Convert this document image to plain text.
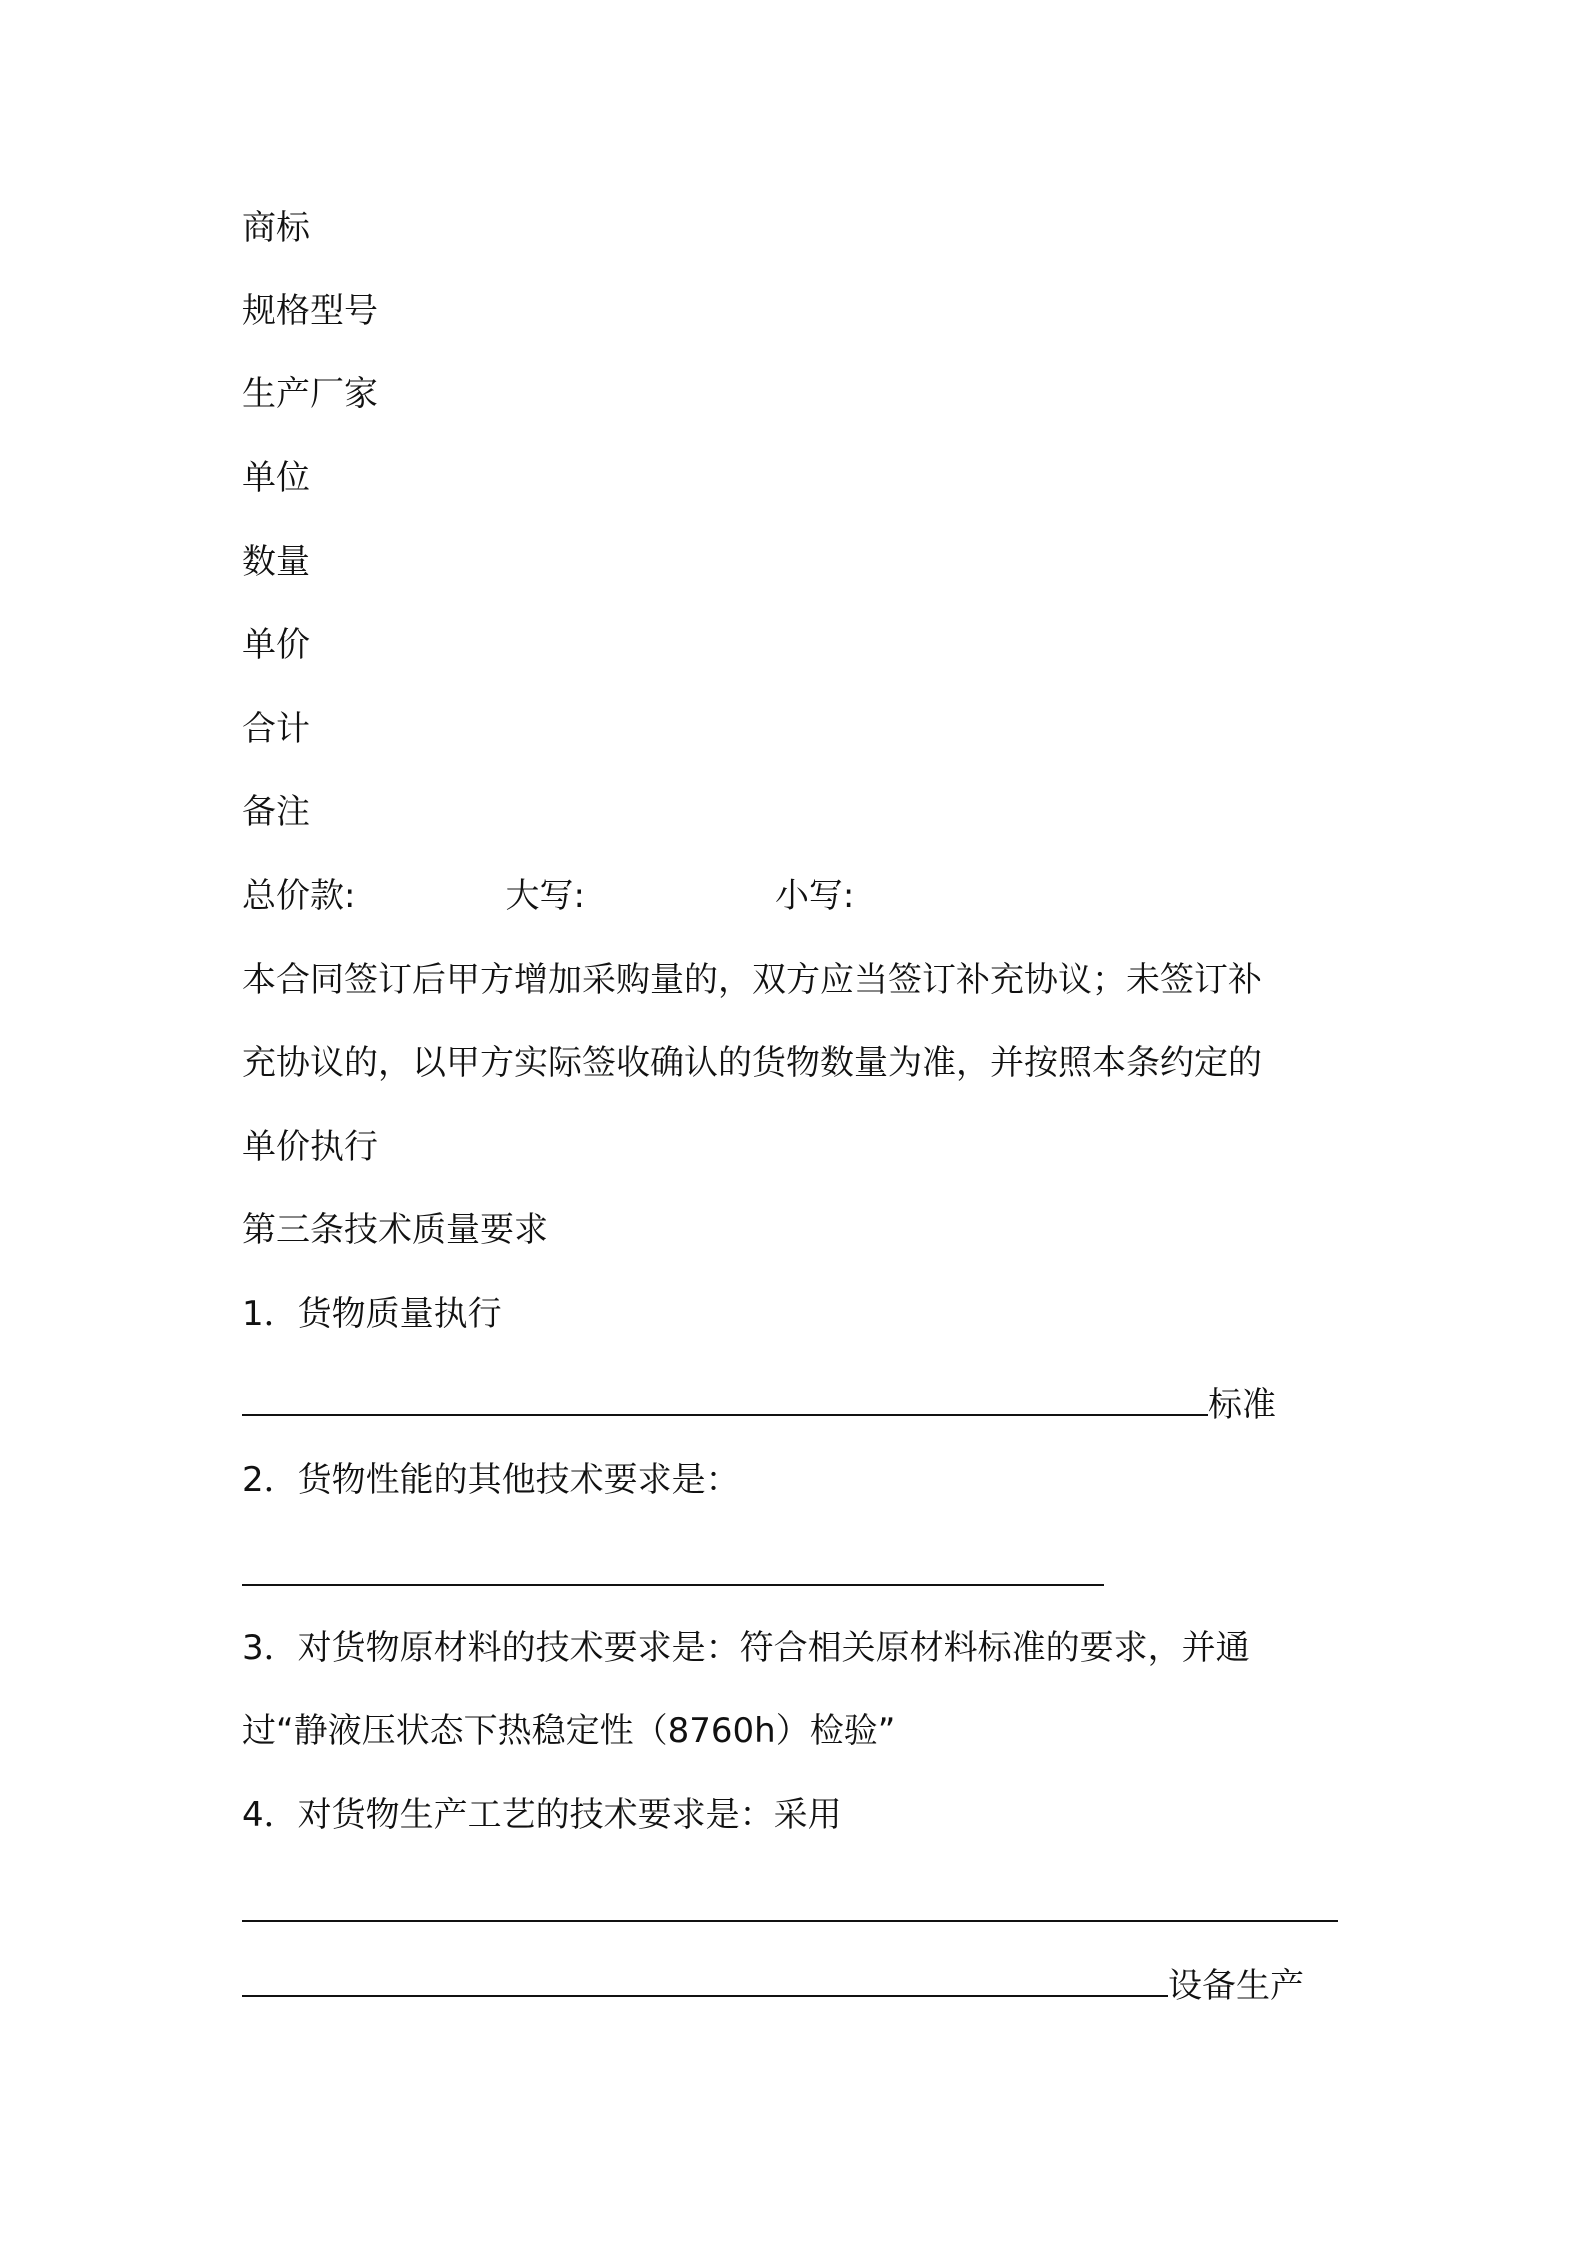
商标
规格型号
生产厂家
单位
数量
单价
合计
备注
总价款:	大写:	小写:
本合同签订后甲方增加采购量的，双方应当签订补充协议；未签订补
充协议的，以甲方实际签收确认的货物数量为准，并按照本条约定的
单价执行
第三条技术质量要求
1．货物质量执行
标准
2．货物性能的其他技术要求是：
3．对货物原材料的技术要求是：符合相关原材料标准的要求，并通
过“静液压状态下热稳定性（8760h）检验”
4．对货物生产工艺的技术要求是：采用
设备生产
